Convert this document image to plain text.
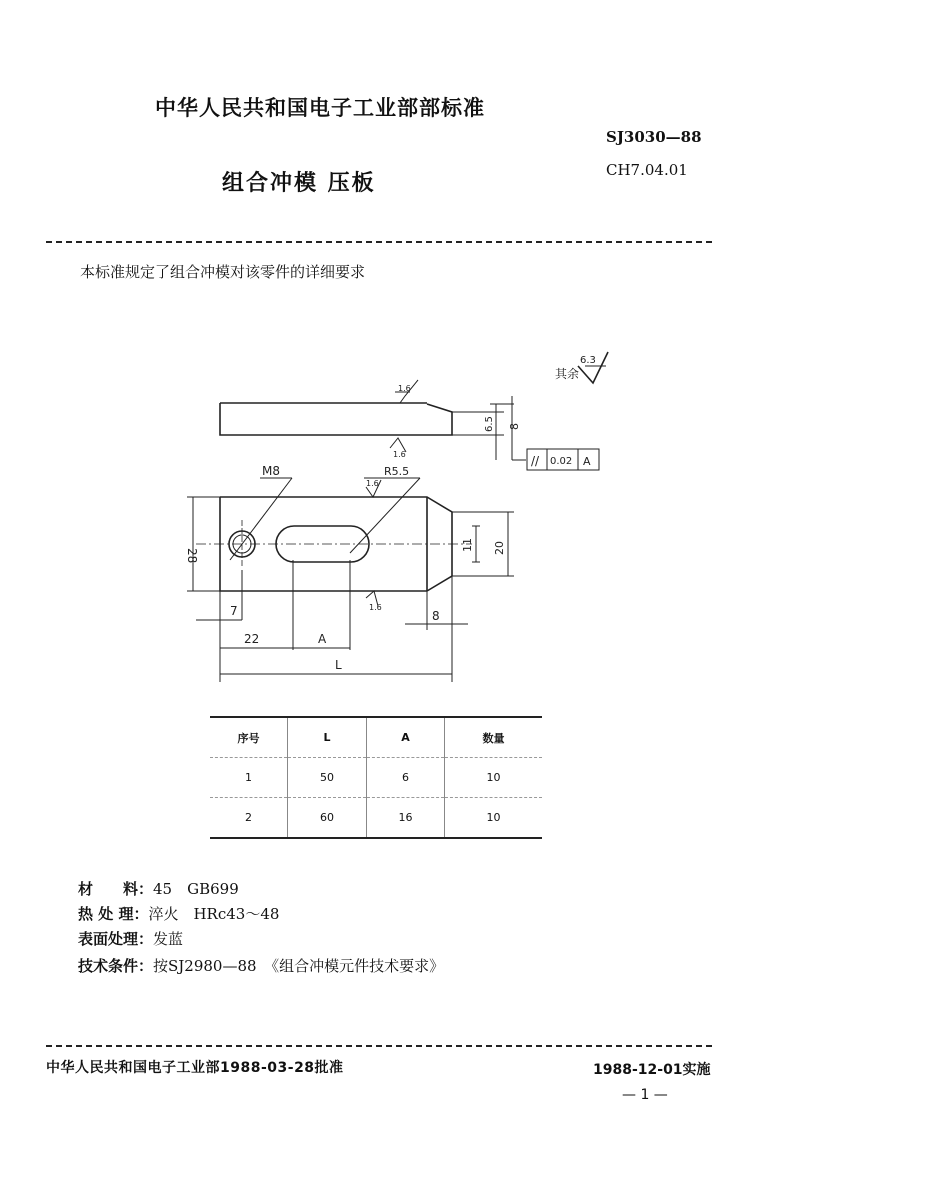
中华人民共和国电子工业部部标准
SJ3030—88
CH7.04.01
组合冲模 压板
本标准规定了组合冲模对该零件的详细要求
其余
6.3
1.6
1.6
1.6
1.6
6.5 8
// 0.02 A
M8	R5.5
28
11 20
7
22	A
L
8
序号	L	A	数量
1	50	6	10
2	60	16	10
材　　料：45　GB699
热 处 理：淬火　HRc43～48
表面处理：发蓝
技术条件：按SJ2980—88　《组合冲模元件技术要求》
中华人民共和国电子工业部1988-03-28批准	1988-12-01实施
— 1 —
